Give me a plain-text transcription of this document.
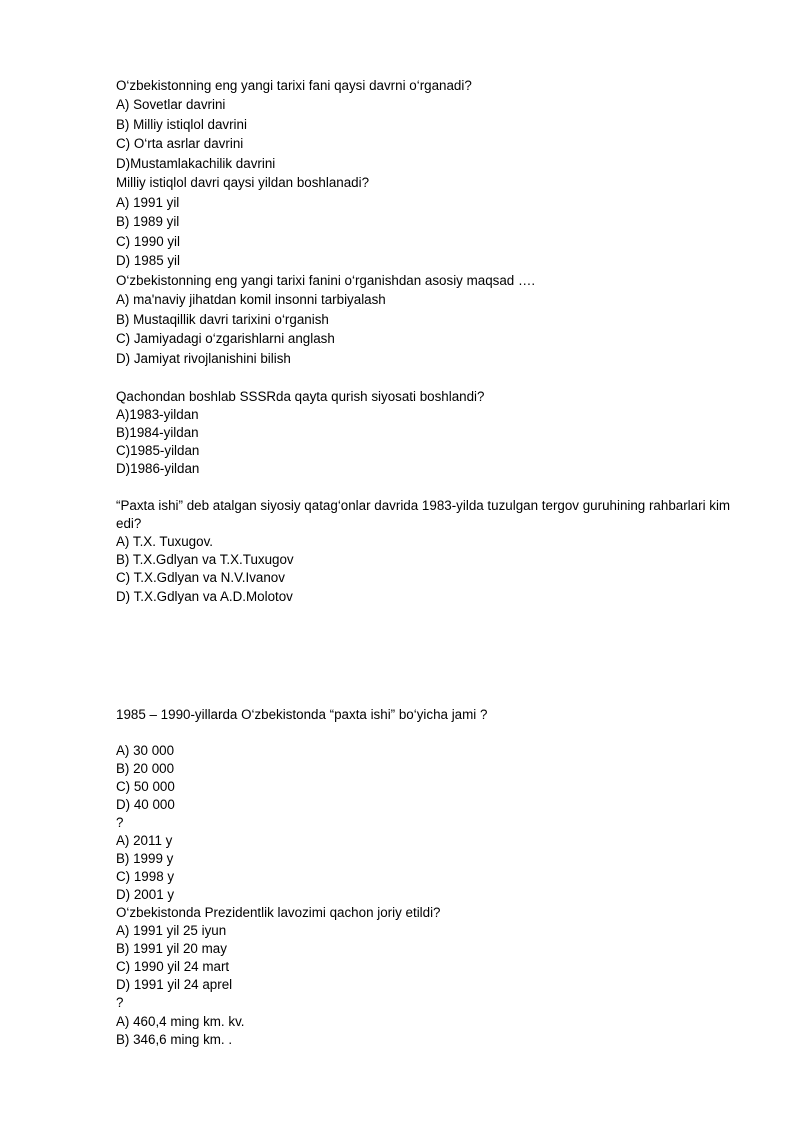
O‘zbekistonning eng yangi tarixi fani qaysi davrni o‘rganadi?
A) Sovetlar davrini
B) Milliy istiqlol davrini
C) O‘rta asrlar davrini
D)Mustamlakachilik davrini
Milliy istiqlol davri qaysi yildan boshlanadi?
A) 1991 yil
B) 1989 yil
C) 1990 yil
D) 1985 yil
O‘zbekistonning eng yangi tarixi fanini o‘rganishdan asosiy maqsad ….
A) ma'naviy jihatdan komil insonni tarbiyalash
B) Mustaqillik davri tarixini o‘rganish
C) Jamiyadagi o‘zgarishlarni anglash
D) Jamiyat rivojlanishini bilish
Qachondan boshlab SSSRda qayta qurish siyosati boshlandi?
A)1983-yildan
B)1984-yildan
C)1985-yildan
D)1986-yildan
“Paxta ishi” deb atalgan siyosiy qatag‘onlar davrida 1983-yilda tuzulgan tergov guruhining rahbarlari kim edi?
A) T.X. Tuxugov.
B) T.X.Gdlyan va T.X.Tuxugov
C) T.X.Gdlyan va N.V.Ivanov
D) T.X.Gdlyan va A.D.Molotov
1985 – 1990-yillarda O‘zbekistonda “paxta ishi” bo‘yicha jami ?
A) 30 000
B) 20 000
C) 50 000
D) 40 000
?
A) 2011 y
B) 1999 y
C) 1998 y
D) 2001 y
O‘zbekistonda Prezidentlik lavozimi qachon joriy etildi?
A) 1991 yil 25 iyun
B) 1991 yil 20 may
C) 1990 yil 24 mart
D) 1991 yil 24 aprel
?
A) 460,4 ming km. kv.
B) 346,6 ming km. .
